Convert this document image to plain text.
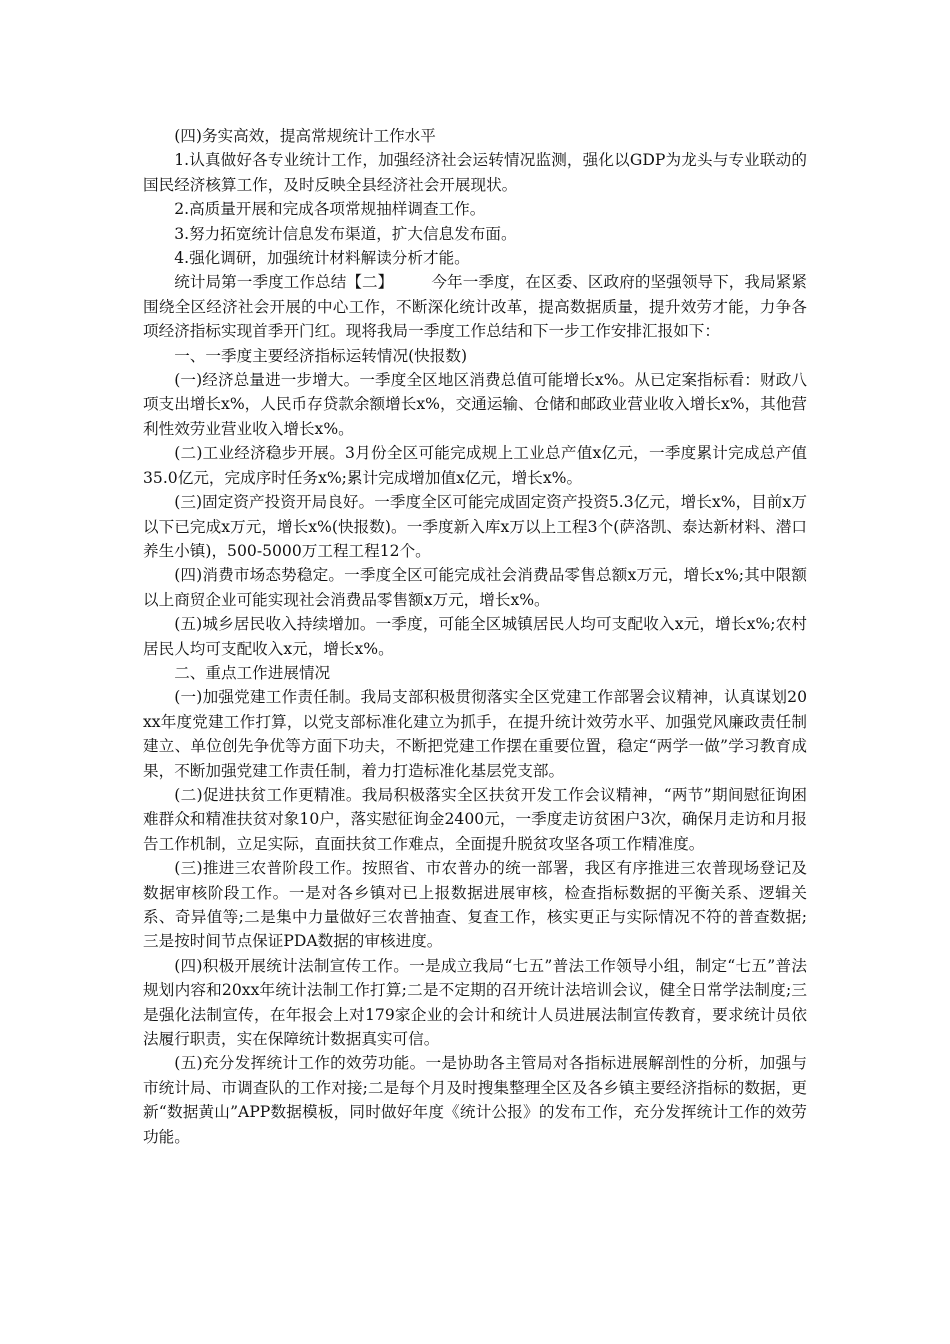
(四)务实高效，提高常规统计工作水平

1.认真做好各专业统计工作，加强经济社会运转情况监测，强化以GDP为龙头与专业联动的国民经济核算工作，及时反映全县经济社会开展现状。

2.高质量开展和完成各项常规抽样调查工作。

3.努力拓宽统计信息发布渠道，扩大信息发布面。

4.强化调研，加强统计材料解读分析才能。

统计局第一季度工作总结【二】 今年一季度，在区委、区政府的坚强领导下，我局紧紧围绕全区经济社会开展的中心工作，不断深化统计改革，提高数据质量，提升效劳才能，力争各项经济指标实现首季开门红。现将我局一季度工作总结和下一步工作安排汇报如下：

一、一季度主要经济指标运转情况(快报数)

(一)经济总量进一步增大。一季度全区地区消费总值可能增长x%。从已定案指标看：财政八项支出增长x%，人民币存贷款余额增长x%，交通运输、仓储和邮政业营业收入增长x%，其他营利性效劳业营业收入增长x%。

(二)工业经济稳步开展。3月份全区可能完成规上工业总产值x亿元，一季度累计完成总产值35.0亿元，完成序时任务x%;累计完成增加值x亿元，增长x%。

(三)固定资产投资开局良好。一季度全区可能完成固定资产投资5.3亿元，增长x%，目前x万以下已完成x万元，增长x%(快报数)。一季度新入库x万以上工程3个(萨洛凯、泰达新材料、潜口养生小镇)，500-5000万工程工程12个。

(四)消费市场态势稳定。一季度全区可能完成社会消费品零售总额x万元，增长x%;其中限额以上商贸企业可能实现社会消费品零售额x万元，增长x%。

(五)城乡居民收入持续增加。一季度，可能全区城镇居民人均可支配收入x元，增长x%;农村居民人均可支配收入x元，增长x%。

二、重点工作进展情况

(一)加强党建工作责任制。我局支部积极贯彻落实全区党建工作部署会议精神，认真谋划20xx年度党建工作打算，以党支部标准化建立为抓手，在提升统计效劳水平、加强党风廉政责任制建立、单位创先争优等方面下功夫，不断把党建工作摆在重要位置，稳定“两学一做”学习教育成果，不断加强党建工作责任制，着力打造标准化基层党支部。

(二)促进扶贫工作更精准。我局积极落实全区扶贫开发工作会议精神，“两节”期间慰征询困难群众和精准扶贫对象10户，落实慰征询金2400元，一季度走访贫困户3次，确保月走访和月报告工作机制，立足实际，直面扶贫工作难点，全面提升脱贫攻坚各项工作精准度。

(三)推进三农普阶段工作。按照省、市农普办的统一部署，我区有序推进三农普现场登记及数据审核阶段工作。一是对各乡镇对已上报数据进展审核，检查指标数据的平衡关系、逻辑关系、奇异值等;二是集中力量做好三农普抽查、复查工作，核实更正与实际情况不符的普查数据;三是按时间节点保证PDA数据的审核进度。

(四)积极开展统计法制宣传工作。一是成立我局“七五”普法工作领导小组，制定“七五”普法规划内容和20xx年统计法制工作打算;二是不定期的召开统计法培训会议，健全日常学法制度;三是强化法制宣传，在年报会上对179家企业的会计和统计人员进展法制宣传教育，要求统计员依法履行职责，实在保障统计数据真实可信。

(五)充分发挥统计工作的效劳功能。一是协助各主管局对各指标进展解剖性的分析，加强与市统计局、市调查队的工作对接;二是每个月及时搜集整理全区及各乡镇主要经济指标的数据，更新“数据黄山”APP数据模板，同时做好年度《统计公报》的发布工作，充分发挥统计工作的效劳功能。
